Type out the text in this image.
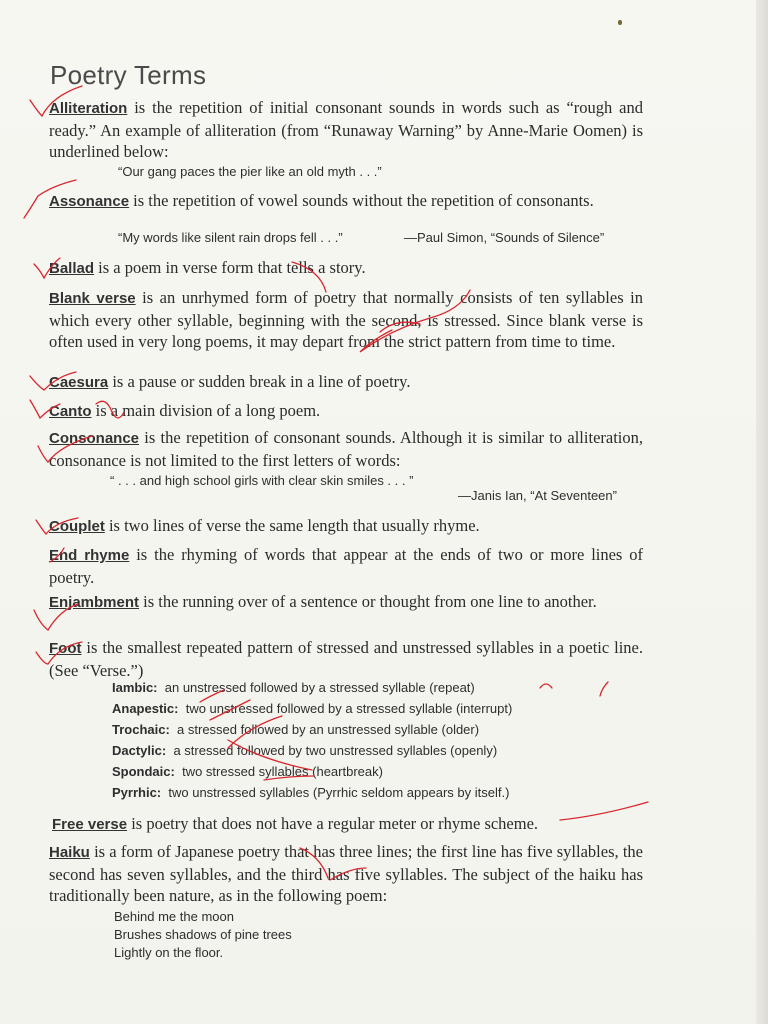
Poetry Terms
Alliteration is the repetition of initial consonant sounds in words such as “rough and ready.” An example of alliteration (from “Runaway Warning” by Anne-Marie Oomen) is underlined below:
“Our gang paces the pier like an old myth . . .”
Assonance is the repetition of vowel sounds without the repetition of consonants.
“My words like silent rain drops fell . . .”	—Paul Simon, “Sounds of Silence”
Ballad is a poem in verse form that tells a story.
Blank verse is an unrhymed form of poetry that normally consists of ten syllables in which every other syllable, beginning with the second, is stressed. Since blank verse is often used in very long poems, it may depart from the strict pattern from time to time.
Caesura is a pause or sudden break in a line of poetry.
Canto is a main division of a long poem.
Consonance is the repetition of consonant sounds. Although it is similar to alliteration, consonance is not limited to the first letters of words:
“ . . . and high school girls with clear skin smiles . . . ”
—Janis Ian, “At Seventeen”
Couplet is two lines of verse the same length that usually rhyme.
End rhyme is the rhyming of words that appear at the ends of two or more lines of poetry.
Enjambment is the running over of a sentence or thought from one line to another.
Foot is the smallest repeated pattern of stressed and unstressed syllables in a poetic line. (See “Verse.”)
Iambic: an unstressed followed by a stressed syllable (repeat)
Anapestic: two unstressed followed by a stressed syllable (interrupt)
Trochaic: a stressed followed by an unstressed syllable (older)
Dactylic: a stressed followed by two unstressed syllables (openly)
Spondaic: two stressed syllables (heartbreak)
Pyrrhic: two unstressed syllables (Pyrrhic seldom appears by itself.)
Free verse is poetry that does not have a regular meter or rhyme scheme.
Haiku is a form of Japanese poetry that has three lines; the first line has five syllables, the second has seven syllables, and the third has five syllables. The subject of the haiku has traditionally been nature, as in the following poem:
Behind me the moon
Brushes shadows of pine trees
Lightly on the floor.
